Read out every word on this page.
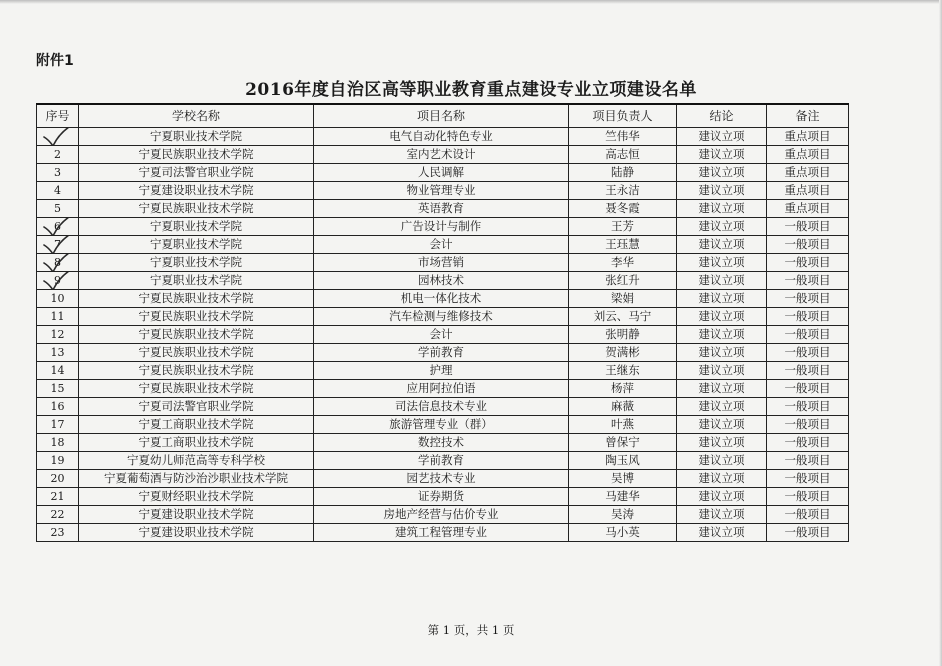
附件1
2016年度自治区高等职业教育重点建设专业立项建设名单
序号	学校名称	项目名称	项目负责人	结论	备注

	宁夏职业技术学院	电气自动化特色专业	竺伟华	建议立项	重点项目
2	宁夏民族职业技术学院	室内艺术设计	高志恒	建议立项	重点项目
3	宁夏司法警官职业学院	人民调解	陆静	建议立项	重点项目
4	宁夏建设职业技术学院	物业管理专业	王永洁	建议立项	重点项目
5	宁夏民族职业技术学院	英语教育	聂冬霞	建议立项	重点项目
6	宁夏职业技术学院	广告设计与制作	王芳	建议立项	一般项目
7	宁夏职业技术学院	会计	王珏慧	建议立项	一般项目
8	宁夏职业技术学院	市场营销	李华	建议立项	一般项目
9	宁夏职业技术学院	园林技术	张红升	建议立项	一般项目
10	宁夏民族职业技术学院	机电一体化技术	梁娟	建议立项	一般项目
11	宁夏民族职业技术学院	汽车检测与维修技术	刘云、马宁	建议立项	一般项目
12	宁夏民族职业技术学院	会计	张明静	建议立项	一般项目
13	宁夏民族职业技术学院	学前教育	贺满彬	建议立项	一般项目
14	宁夏民族职业技术学院	护理	王继东	建议立项	一般项目
15	宁夏民族职业技术学院	应用阿拉伯语	杨萍	建议立项	一般项目
16	宁夏司法警官职业学院	司法信息技术专业	麻薇	建议立项	一般项目
17	宁夏工商职业技术学院	旅游管理专业（群）	叶燕	建议立项	一般项目
18	宁夏工商职业技术学院	数控技术	曾保宁	建议立项	一般项目
19	宁夏幼儿师范高等专科学校	学前教育	陶玉风	建议立项	一般项目
20	宁夏葡萄酒与防沙治沙职业技术学院	园艺技术专业	吴博	建议立项	一般项目
21	宁夏财经职业技术学院	证券期货	马建华	建议立项	一般项目
22	宁夏建设职业技术学院	房地产经营与估价专业	吴涛	建议立项	一般项目
23	宁夏建设职业技术学院	建筑工程管理专业	马小英	建议立项	一般项目
第 1 页，共 1 页
